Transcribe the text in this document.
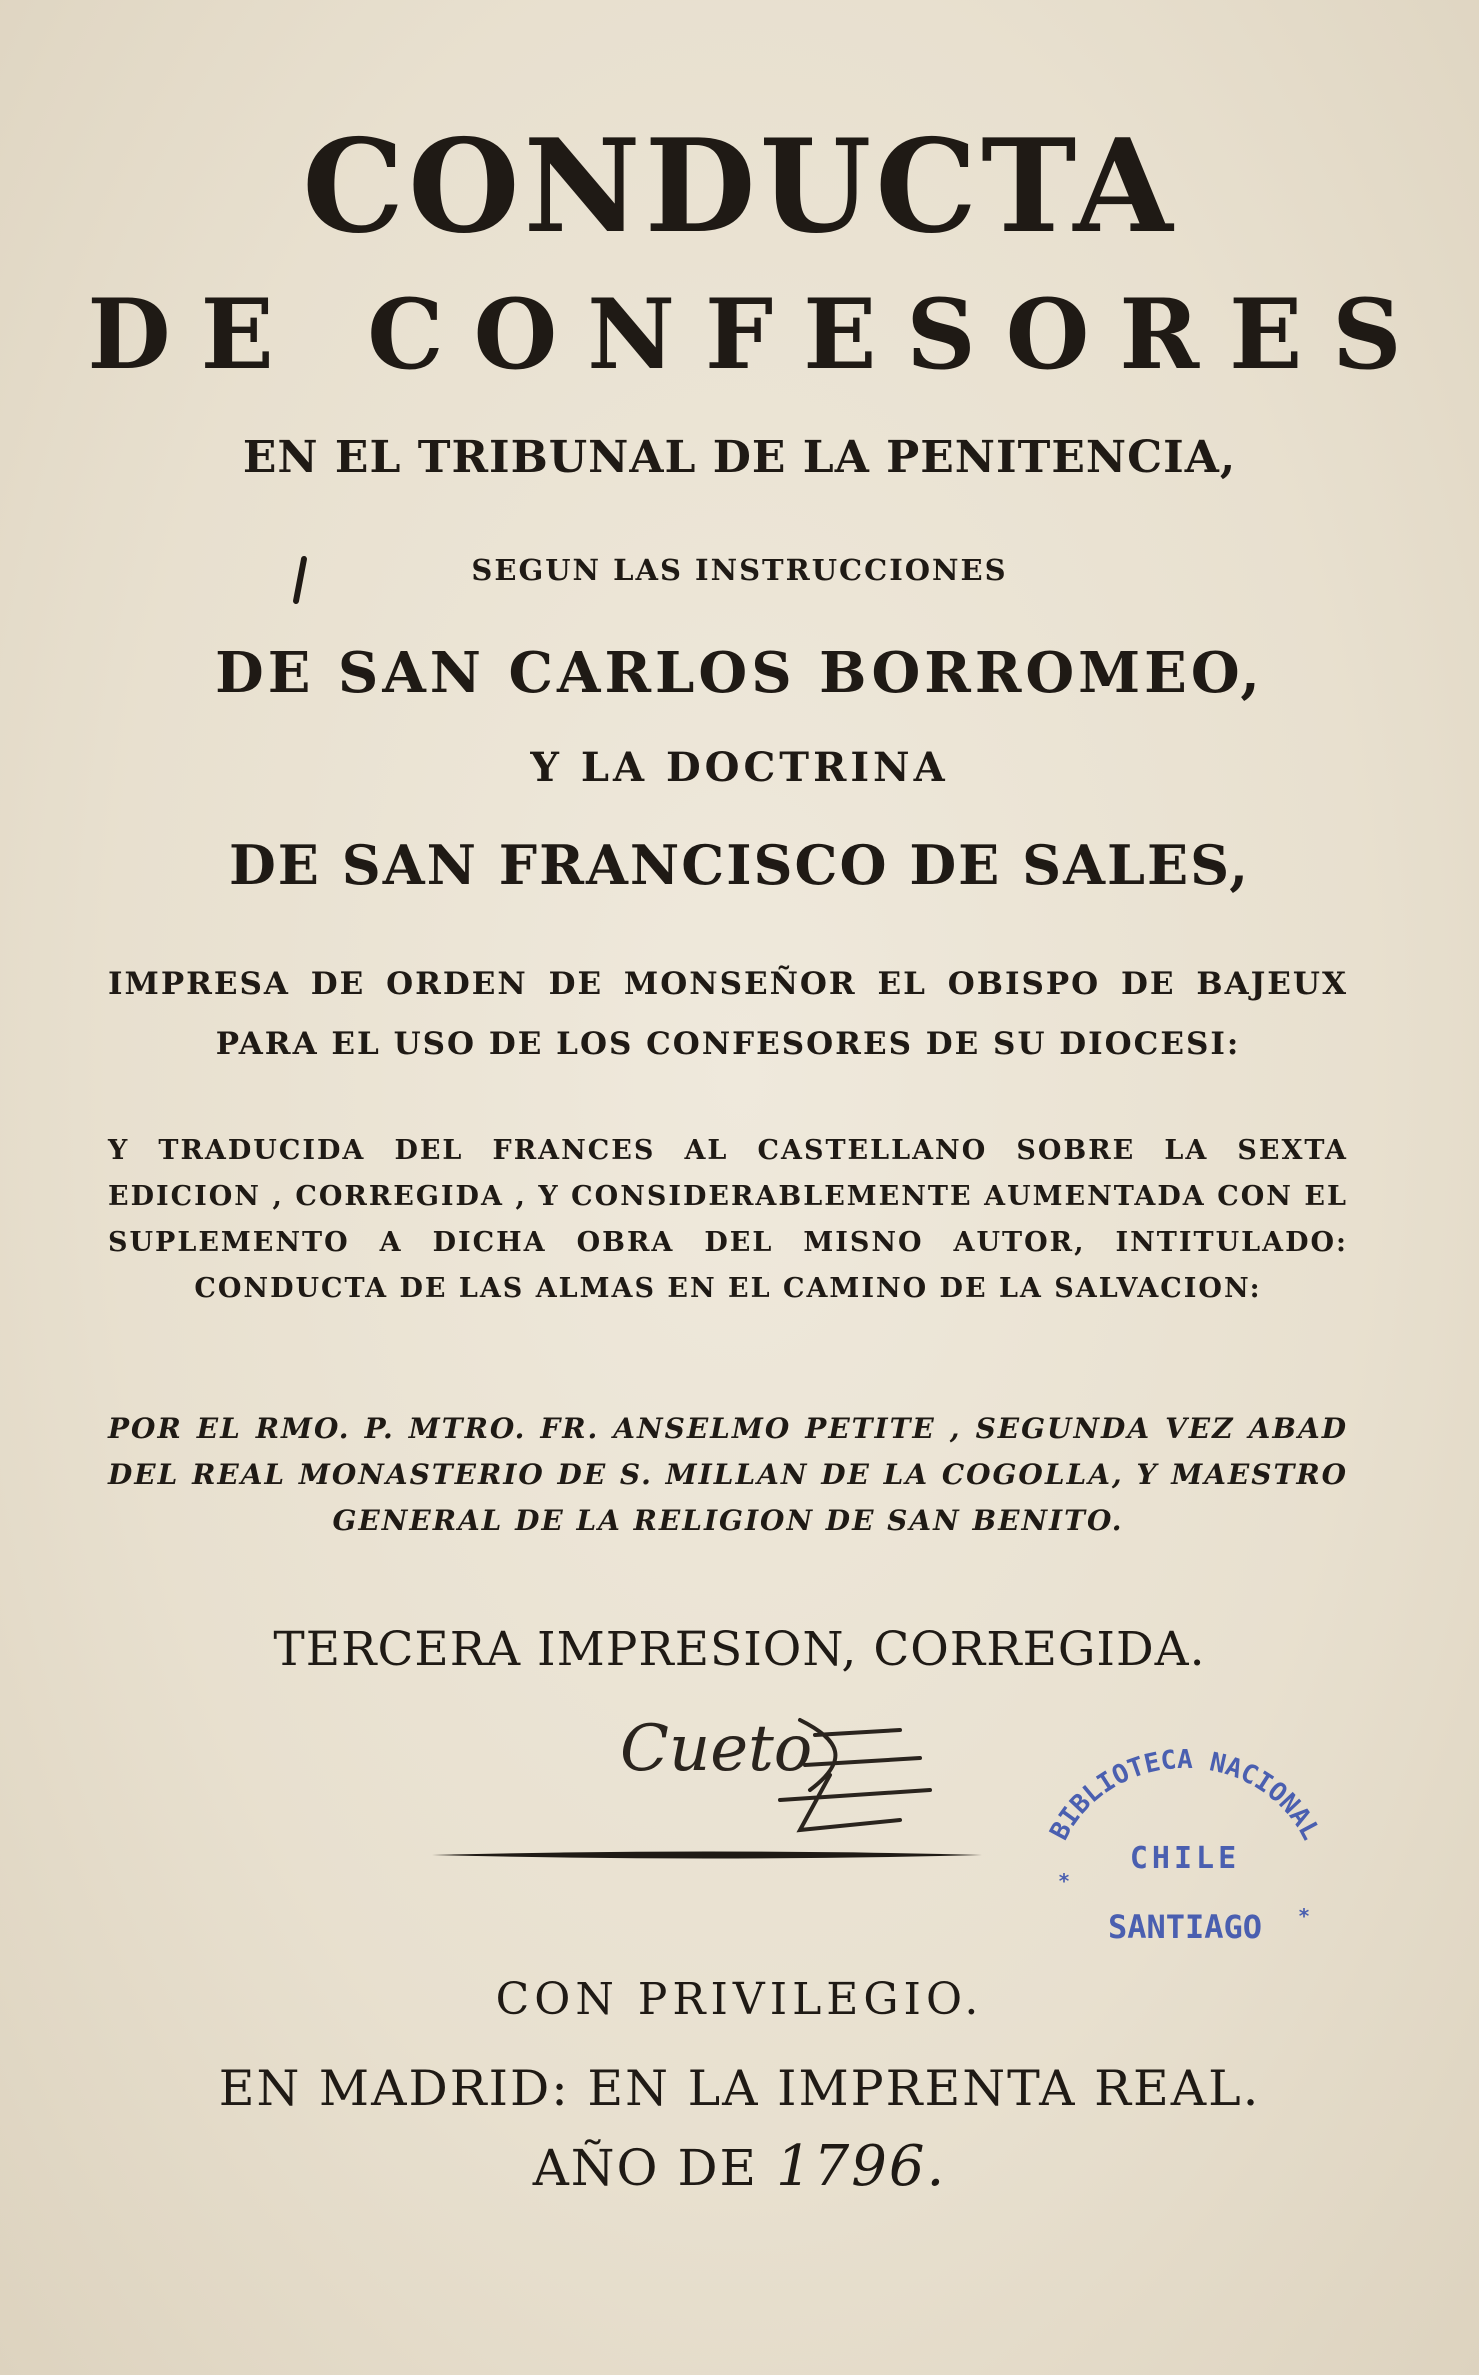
CONDUCTA
DE CONFESORES
EN EL TRIBUNAL DE LA PENITENCIA,
SEGUN LAS INSTRUCCIONES
DE SAN CARLOS BORROMEO,
Y LA DOCTRINA
DE SAN FRANCISCO DE SALES,
IMPRESA DE ORDEN DE MONSEÑOR EL OBISPO DE BAJEUX PARA EL USO DE LOS CONFESORES DE SU DIOCESI:
Y TRADUCIDA DEL FRANCES AL CASTELLANO SOBRE LA SEXTA EDICION , CORREGIDA , Y CONSIDERABLEMENTE AUMENTADA CON EL SUPLEMENTO A DICHA OBRA DEL MISNO AUTOR, INTITULADO: CONDUCTA DE LAS ALMAS EN EL CAMINO DE LA SALVACION:
POR EL RMO. P. MTRO. FR. ANSELMO PETITE , SEGUNDA VEZ ABAD DEL REAL MONASTERIO DE S. MILLAN DE LA COGOLLA, Y MAESTRO GENERAL DE LA RELIGION DE SAN BENITO.
TERCERA IMPRESION, CORREGIDA.
Cueto
BIBLIOTECA NACIONAL
CHILE
SANTIAGO
*
*
CON PRIVILEGIO.
EN MADRID: EN LA IMPRENTA REAL.
AÑO DE 1796.
